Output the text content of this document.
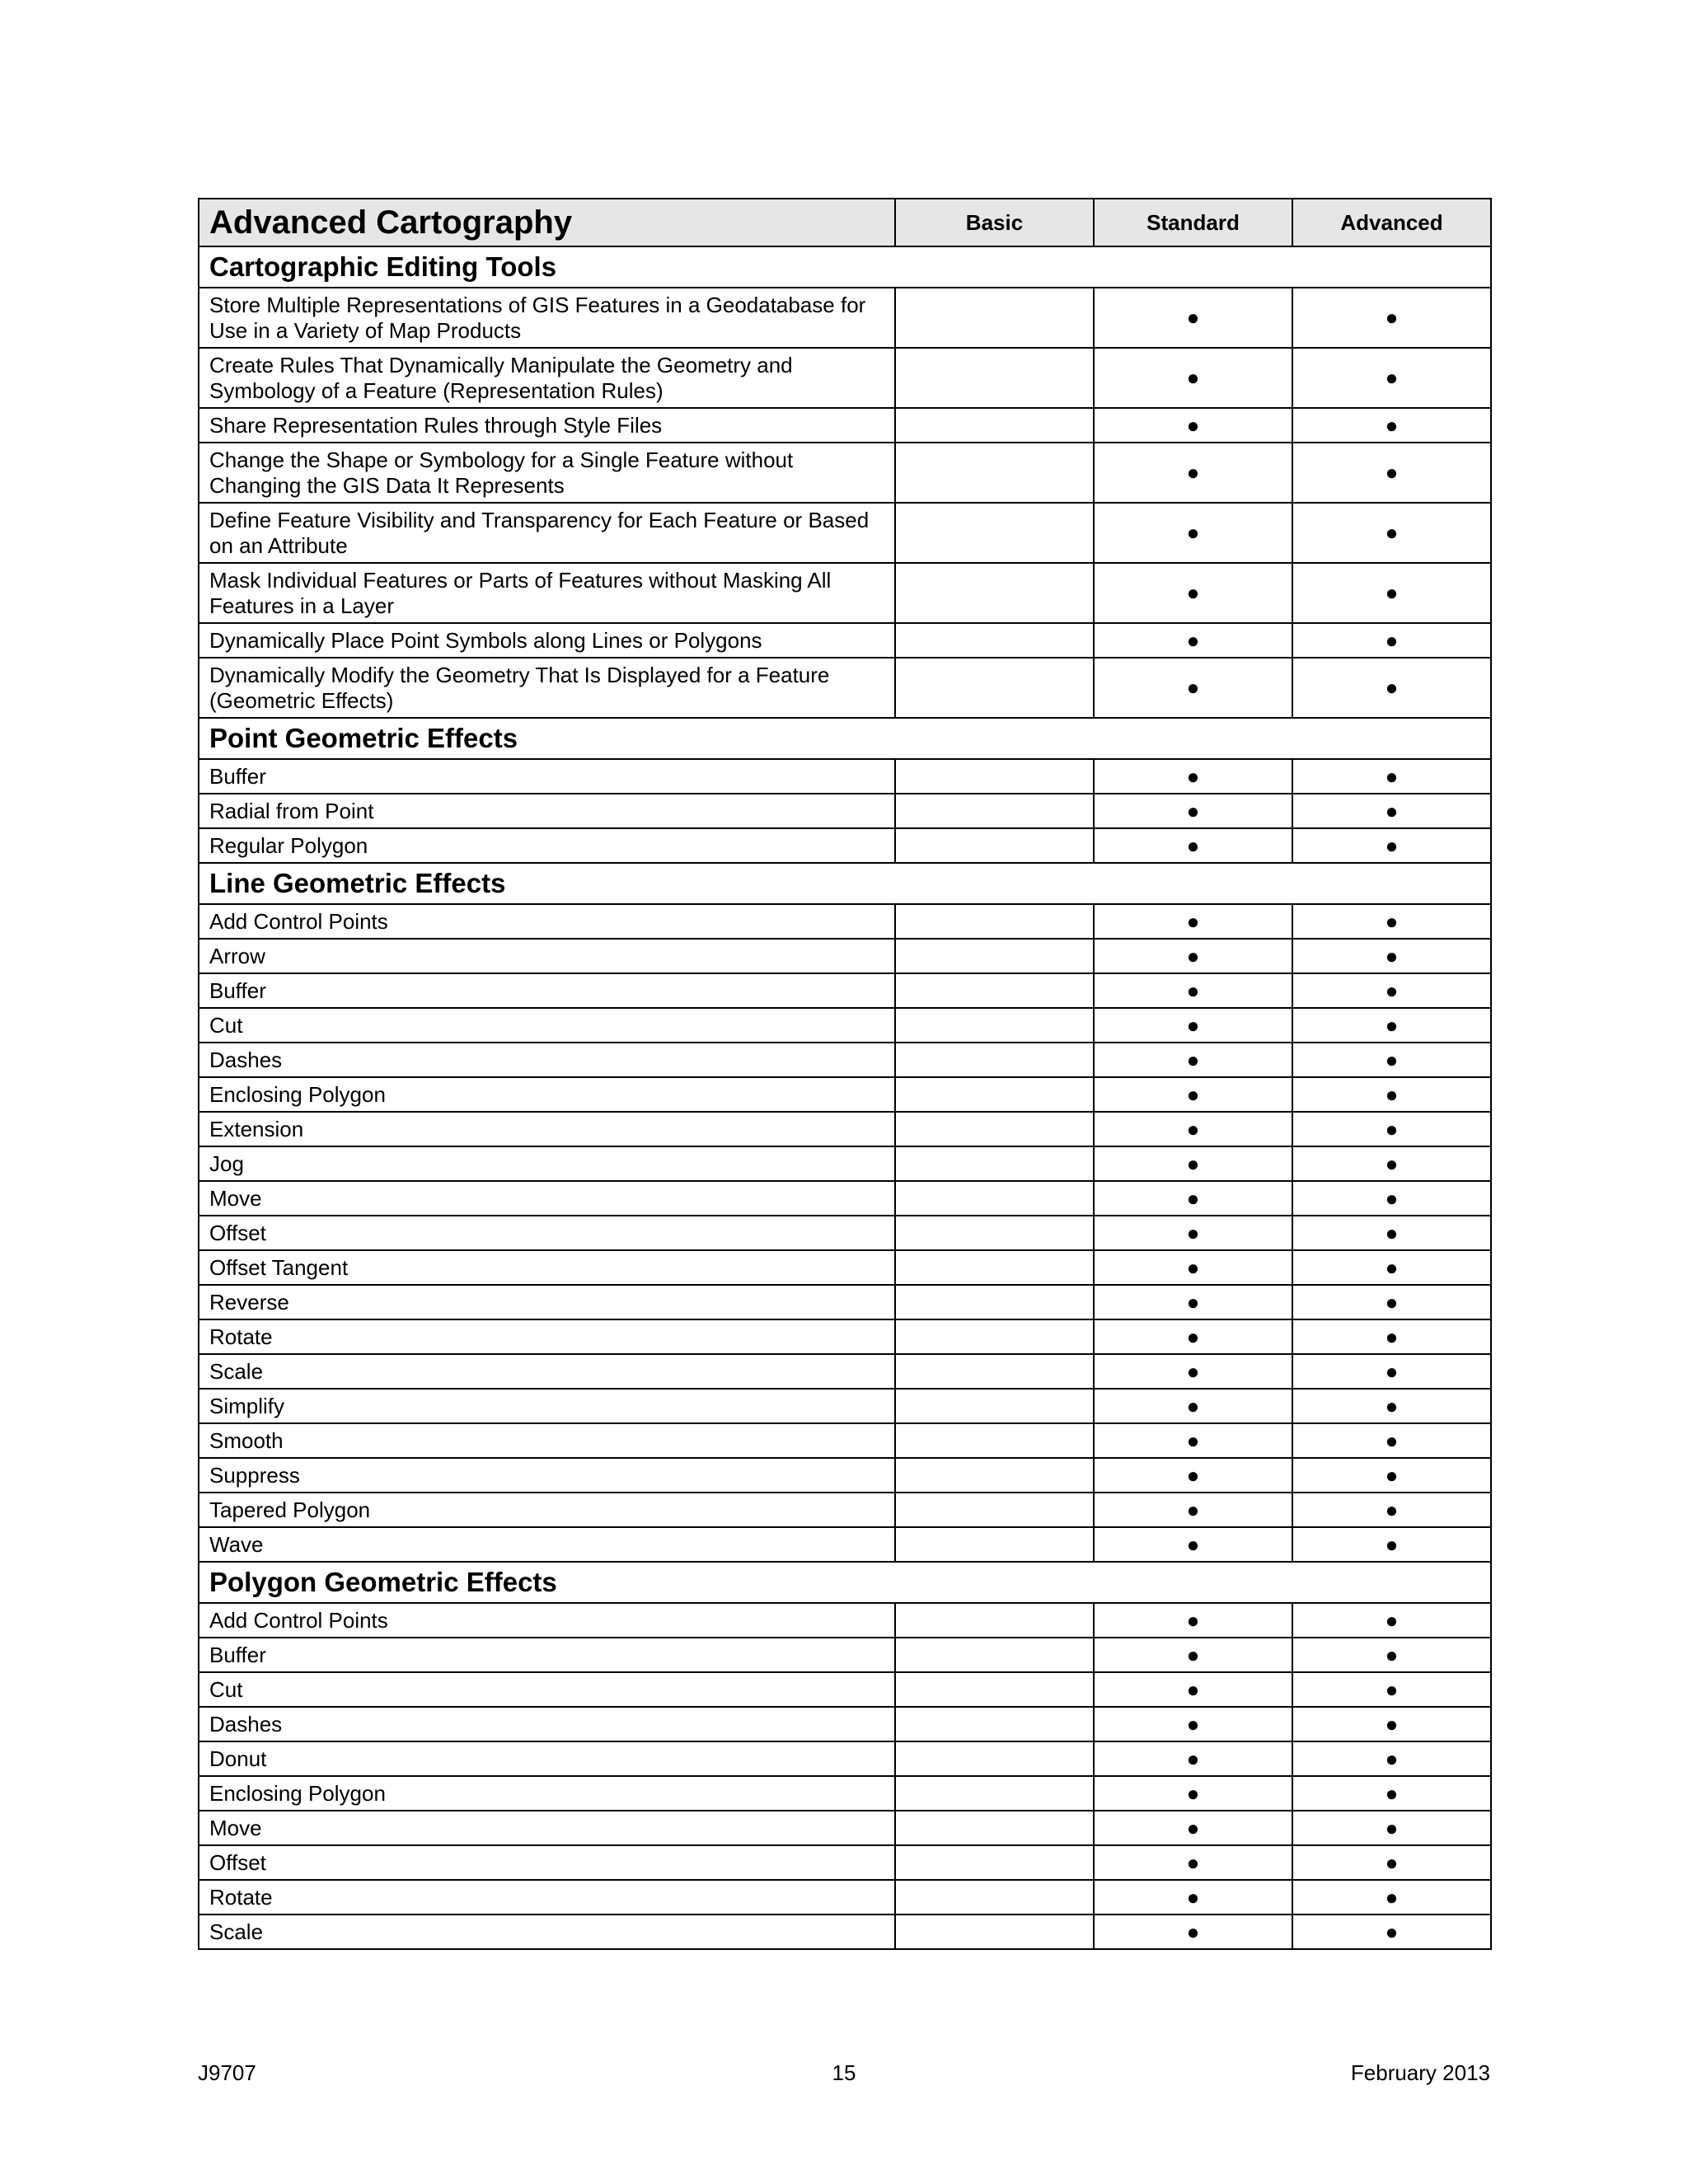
Advanced Cartography	Basic	Standard	Advanced
Cartographic Editing Tools			
Store Multiple Representations of GIS Features in a Geodatabase for Use in a Variety of Map Products		●	●
Create Rules That Dynamically Manipulate the Geometry and Symbology of a Feature (Representation Rules)		●	●
Share Representation Rules through Style Files		●	●
Change the Shape or Symbology for a Single Feature without Changing the GIS Data It Represents		●	●
Define Feature Visibility and Transparency for Each Feature or Based on an Attribute		●	●
Mask Individual Features or Parts of Features without Masking All Features in a Layer		●	●
Dynamically Place Point Symbols along Lines or Polygons		●	●
Dynamically Modify the Geometry That Is Displayed for a Feature (Geometric Effects)		●	●
Point Geometric Effects			
Buffer		●	●
Radial from Point		●	●
Regular Polygon		●	●
Line Geometric Effects			
Add Control Points		●	●
Arrow		●	●
Buffer		●	●
Cut		●	●
Dashes		●	●
Enclosing Polygon		●	●
Extension		●	●
Jog		●	●
Move		●	●
Offset		●	●
Offset Tangent		●	●
Reverse		●	●
Rotate		●	●
Scale		●	●
Simplify		●	●
Smooth		●	●
Suppress		●	●
Tapered Polygon		●	●
Wave		●	●
Polygon Geometric Effects			
Add Control Points		●	●
Buffer		●	●
Cut		●	●
Dashes		●	●
Donut		●	●
Enclosing Polygon		●	●
Move		●	●
Offset		●	●
Rotate		●	●
Scale		●	●
J9707	15	February 2013
